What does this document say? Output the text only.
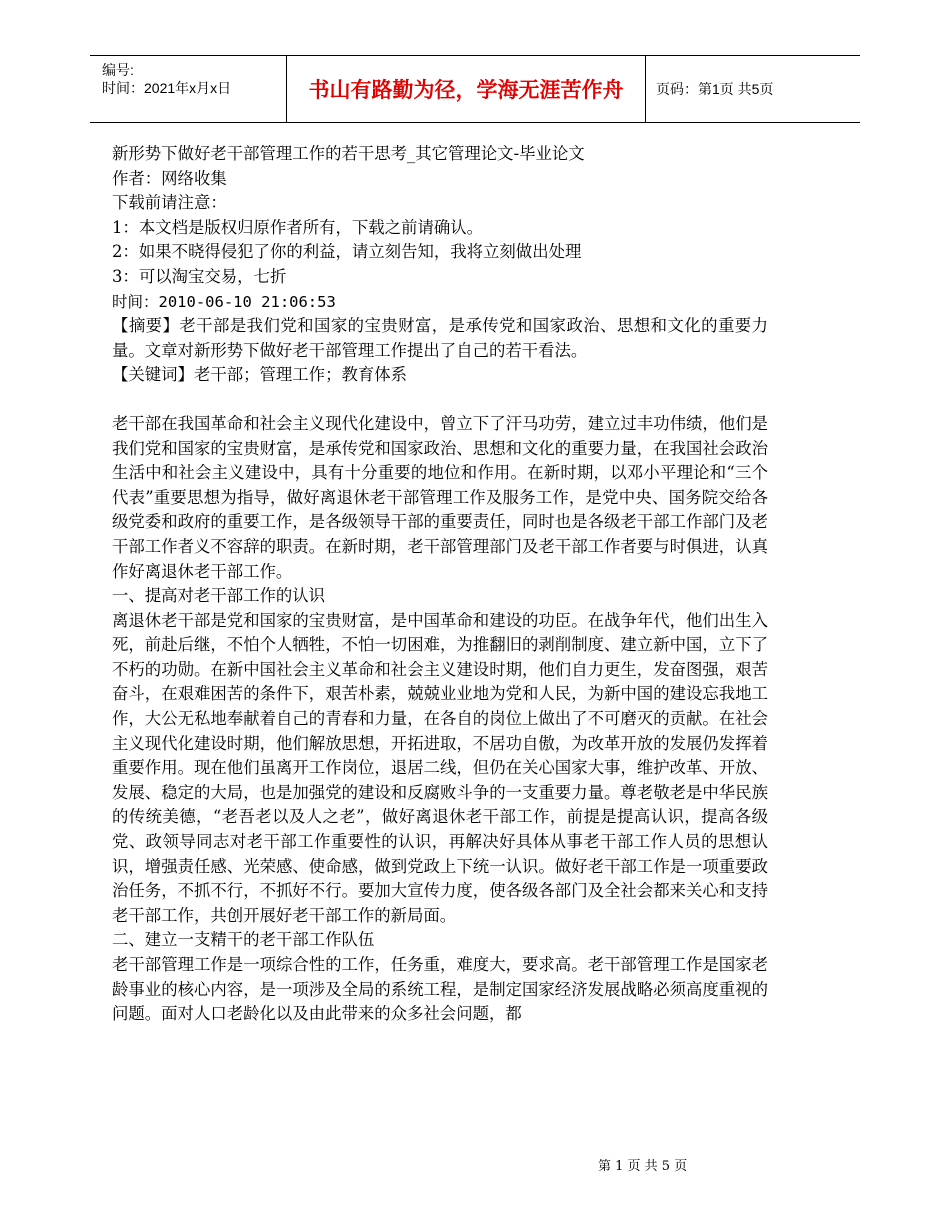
编号:
时间：2021年x月x日	书山有路勤为径，学海无涯苦作舟	页码：第1页 共5页
新形势下做好老干部管理工作的若干思考_其它管理论文-毕业论文
作者：网络收集
下载前请注意：
1：本文档是版权归原作者所有，下载之前请确认。
2：如果不晓得侵犯了你的利益，请立刻告知，我将立刻做出处理
3：可以淘宝交易，七折
时间：2010-06-10 21:06:53
【摘要】老干部是我们党和国家的宝贵财富，是承传党和国家政治、思想和文化的重要力量。文章对新形势下做好老干部管理工作提出了自己的若干看法。
【关键词】老干部；管理工作；教育体系
老干部在我国革命和社会主义现代化建设中，曾立下了汗马功劳，建立过丰功伟绩，他们是我们党和国家的宝贵财富，是承传党和国家政治、思想和文化的重要力量，在我国社会政治生活中和社会主义建设中，具有十分重要的地位和作用。在新时期，以邓小平理论和“三个代表”重要思想为指导，做好离退休老干部管理工作及服务工作，是党中央、国务院交给各级党委和政府的重要工作，是各级领导干部的重要责任，同时也是各级老干部工作部门及老干部工作者义不容辞的职责。在新时期，老干部管理部门及老干部工作者要与时俱进，认真作好离退休老干部工作。
一、提高对老干部工作的认识
离退休老干部是党和国家的宝贵财富，是中国革命和建设的功臣。在战争年代，他们出生入死，前赴后继，不怕个人牺牲，不怕一切困难，为推翻旧的剥削制度、建立新中国，立下了不朽的功勋。在新中国社会主义革命和社会主义建设时期，他们自力更生，发奋图强，艰苦奋斗，在艰难困苦的条件下，艰苦朴素，兢兢业业地为党和人民，为新中国的建设忘我地工作，大公无私地奉献着自己的青春和力量，在各自的岗位上做出了不可磨灭的贡献。在社会主义现代化建设时期，他们解放思想，开拓进取，不居功自傲，为改革开放的发展仍发挥着重要作用。现在他们虽离开工作岗位，退居二线，但仍在关心国家大事，维护改革、开放、发展、稳定的大局，也是加强党的建设和反腐败斗争的一支重要力量。尊老敬老是中华民族的传统美德，“老吾老以及人之老”，做好离退休老干部工作，前提是提高认识，提高各级党、政领导同志对老干部工作重要性的认识，再解决好具体从事老干部工作人员的思想认识，增强责任感、光荣感、使命感，做到党政上下统一认识。做好老干部工作是一项重要政治任务，不抓不行，不抓好不行。要加大宣传力度，使各级各部门及全社会都来关心和支持老干部工作，共创开展好老干部工作的新局面。
二、建立一支精干的老干部工作队伍
老干部管理工作是一项综合性的工作，任务重，难度大，要求高。老干部管理工作是国家老龄事业的核心内容，是一项涉及全局的系统工程，是制定国家经济发展战略必须高度重视的问题。面对人口老龄化以及由此带来的众多社会问题，都
第 1 页 共 5 页
